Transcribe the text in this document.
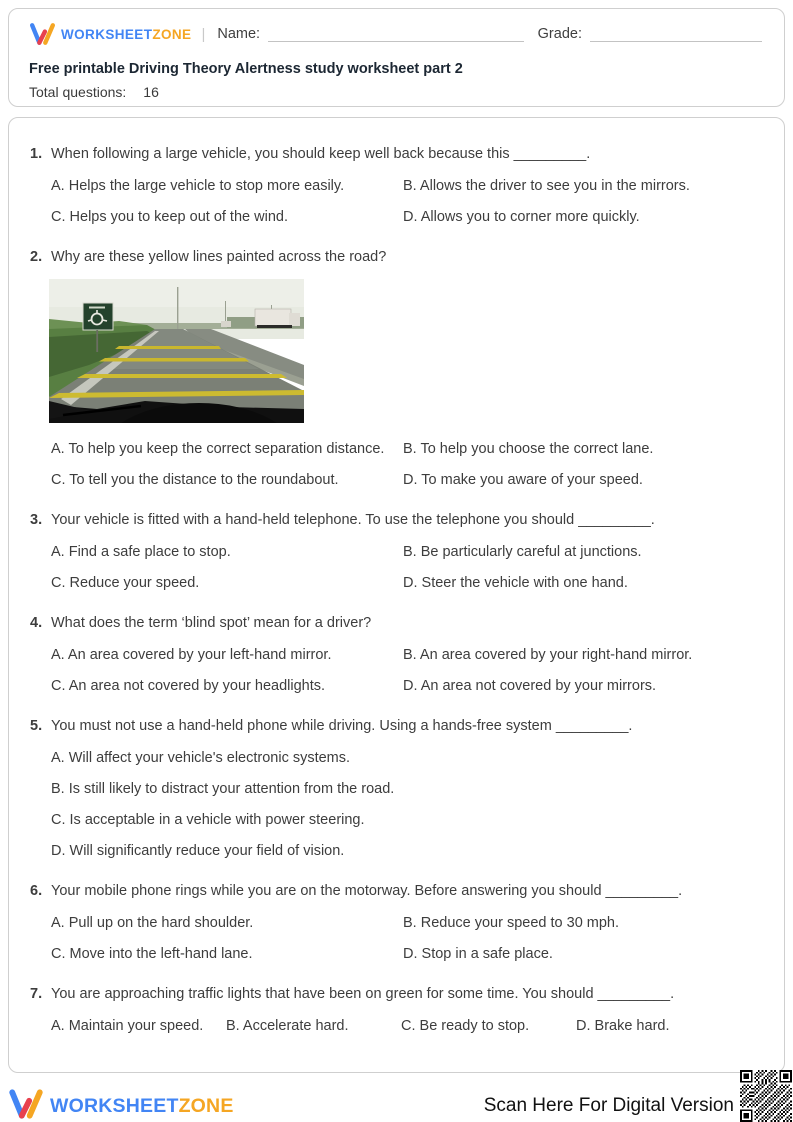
WORKSHEETZONE | Name:	Grade:
Free printable Driving Theory Alertness study worksheet part 2
Total questions: 16
1. When following a large vehicle, you should keep well back because this _________.
A. Helps the large vehicle to stop more easily.	B. Allows the driver to see you in the mirrors.
C. Helps you to keep out of the wind.	D. Allows you to corner more quickly.
2. Why are these yellow lines painted across the road?
A. To help you keep the correct separation distance.	B. To help you choose the correct lane.
C. To tell you the distance to the roundabout.	D. To make you aware of your speed.
3. Your vehicle is fitted with a hand-held telephone. To use the telephone you should _________.
A. Find a safe place to stop.	B. Be particularly careful at junctions.
C. Reduce your speed.	D. Steer the vehicle with one hand.
4. What does the term ‘blind spot’ mean for a driver?
A. An area covered by your left-hand mirror.	B. An area covered by your right-hand mirror.
C. An area not covered by your headlights.	D. An area not covered by your mirrors.
5. You must not use a hand-held phone while driving. Using a hands-free system _________.
A. Will affect your vehicle's electronic systems.
B. Is still likely to distract your attention from the road.
C. Is acceptable in a vehicle with power steering.
D. Will significantly reduce your field of vision.
6. Your mobile phone rings while you are on the motorway. Before answering you should _________.
A. Pull up on the hard shoulder.	B. Reduce your speed to 30 mph.
C. Move into the left-hand lane.	D. Stop in a safe place.
7. You are approaching traffic lights that have been on green for some time. You should _________.
A. Maintain your speed.	B. Accelerate hard.	C. Be ready to stop.	D. Brake hard.
WORKSHEETZONE	Scan Here For Digital Version
